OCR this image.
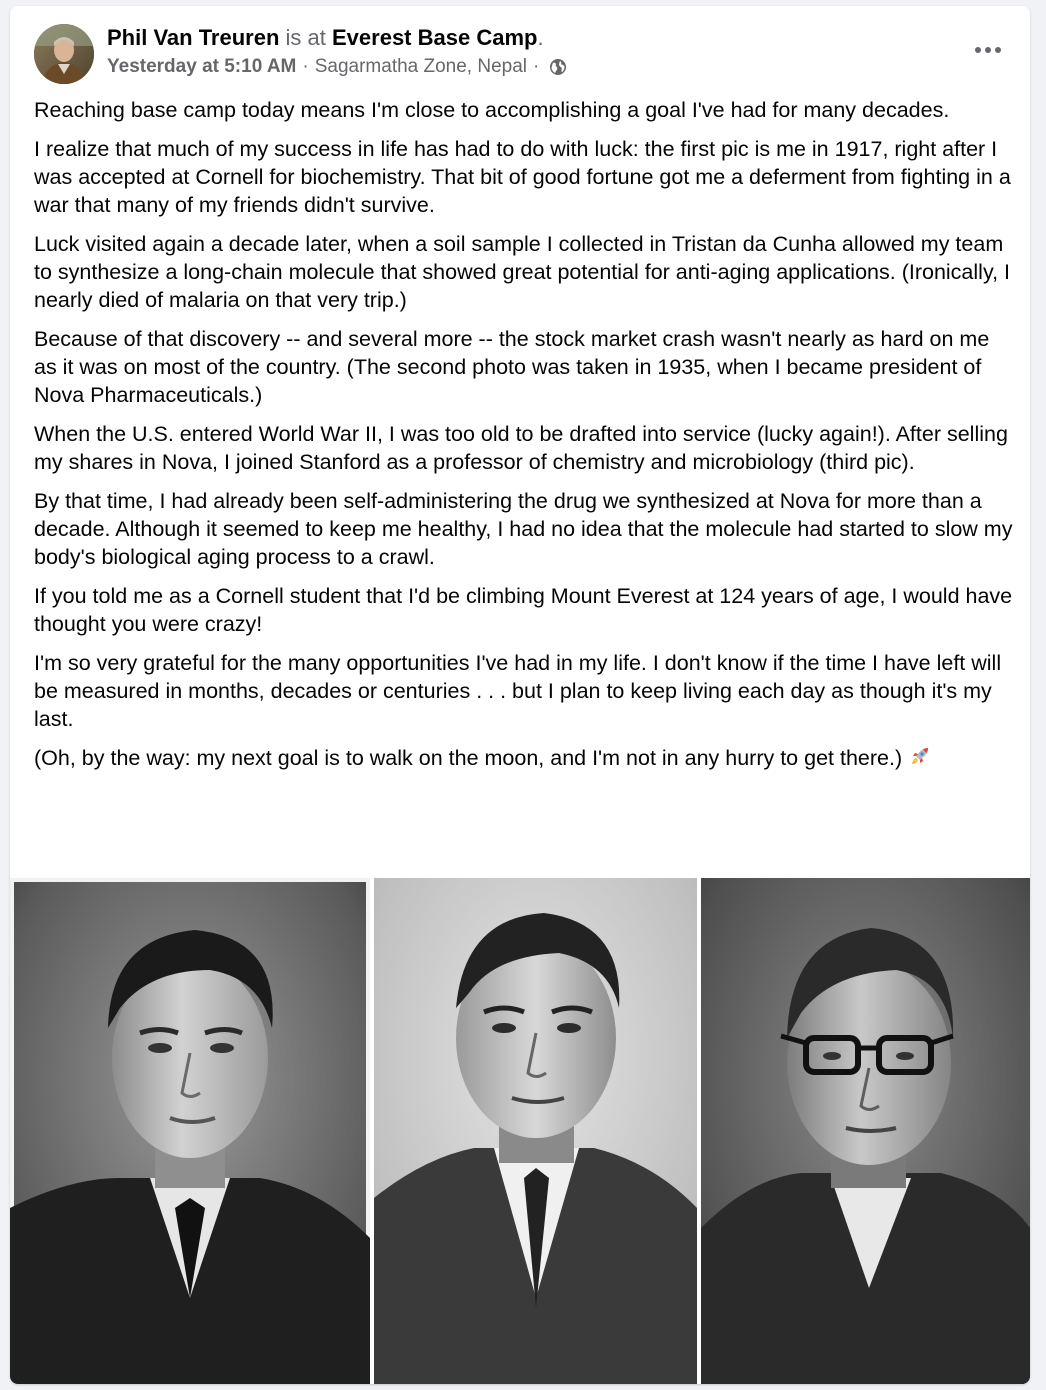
Phil Van Treuren is at Everest Base Camp.
Yesterday at 5:10 AM · Sagarmatha Zone, Nepal ·

Reaching base camp today means I'm close to accomplishing a goal I've had for many decades.

I realize that much of my success in life has had to do with luck: the first pic is me in 1917, right after I was accepted at Cornell for biochemistry. That bit of good fortune got me a deferment from fighting in a war that many of my friends didn't survive.

Luck visited again a decade later, when a soil sample I collected in Tristan da Cunha allowed my team to synthesize a long-chain molecule that showed great potential for anti-aging applications. (Ironically, I nearly died of malaria on that very trip.)

Because of that discovery -- and several more -- the stock market crash wasn't nearly as hard on me as it was on most of the country. (The second photo was taken in 1935, when I became president of Nova Pharmaceuticals.)

When the U.S. entered World War II, I was too old to be drafted into service (lucky again!). After selling my shares in Nova, I joined Stanford as a professor of chemistry and microbiology (third pic).

By that time, I had already been self-administering the drug we synthesized at Nova for more than a decade. Although it seemed to keep me healthy, I had no idea that the molecule had started to slow my body's biological aging process to a crawl.

If you told me as a Cornell student that I'd be climbing Mount Everest at 124 years of age, I would have thought you were crazy!

I'm so very grateful for the many opportunities I've had in my life. I don't know if the time I have left will be measured in months, decades or centuries . . . but I plan to keep living each day as though it's my last.

(Oh, by the way: my next goal is to walk on the moon, and I'm not in any hurry to get there.)
